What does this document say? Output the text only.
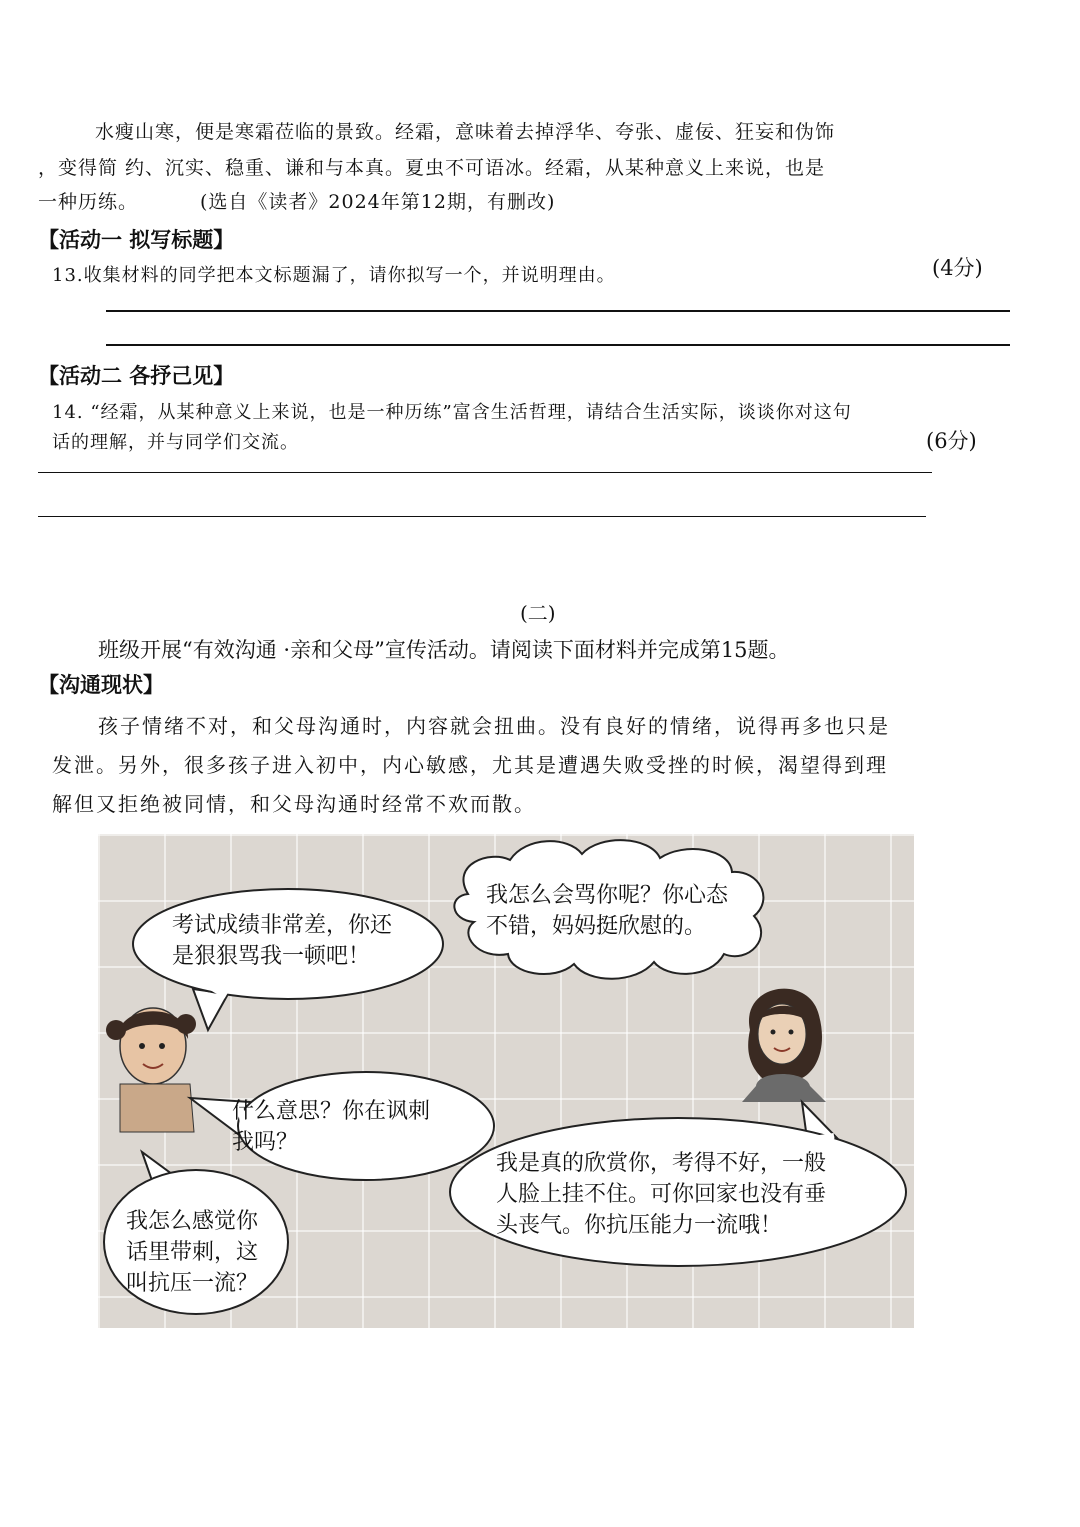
水瘦山寒，便是寒霜莅临的景致。经霜，意味着去掉浮华、夸张、虚佞、狂妄和伪饰
，变得简 约、沉实、稳重、谦和与本真。夏虫不可语冰。经霜，从某种意义上来说，也是
一种历练。	(选自《读者》2024年第12期，有删改)
【活动一 拟写标题】
13.收集材料的同学把本文标题漏了，请你拟写一个，并说明理由。	(4分)
【活动二 各抒己见】
14. “经霜，从某种意义上来说，也是一种历练”富含生活哲理，请结合生活实际，谈谈你对这句
话的理解，并与同学们交流。	(6分)
(二)
班级开展“有效沟通 ·亲和父母”宣传活动。请阅读下面材料并完成第15题。
【沟通现状】
孩子情绪不对，和父母沟通时，内容就会扭曲。没有良好的情绪，说得再多也只是
发泄。另外，很多孩子进入初中，内心敏感，尤其是遭遇失败受挫的时候，渴望得到理
解但又拒绝被同情，和父母沟通时经常不欢而散。
考试成绩非常差，你还
是狠狠骂我一顿吧！
我怎么会骂你呢？你心态
不错，妈妈挺欣慰的。
什么意思？你在讽刺
我吗？
我是真的欣赏你，考得不好，一般
人脸上挂不住。可你回家也没有垂
头丧气。你抗压能力一流哦！
我怎么感觉你
话里带刺，这
叫抗压一流？
